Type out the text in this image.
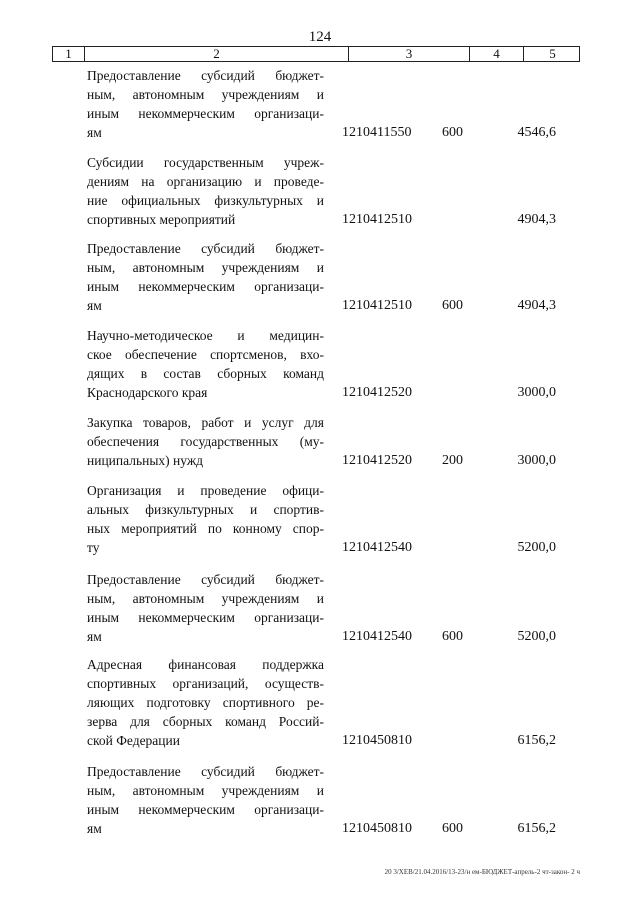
124
1	2	3	4	5
Предоставление субсидий бюджет-
ным, автономным учреждениям и
иным некоммерческим организаци-
ям	1210411550 600	4546,6
Субсидии государственным учреж-
дениям на организацию и проведе-
ние официальных физкультурных и
спортивных мероприятий	1210412510	4904,3
Предоставление субсидий бюджет-
ным, автономным учреждениям и
иным некоммерческим организаци-
ям	1210412510 600	4904,3
Научно-методическое и медицин-
ское обеспечение спортсменов, вхо-
дящих в состав сборных команд
Краснодарского края	1210412520	3000,0
Закупка товаров, работ и услуг для
обеспечения государственных (му-
ниципальных) нужд	1210412520 200	3000,0
Организация и проведение офици-
альных физкультурных и спортив-
ных мероприятий по конному спор-
ту	1210412540	5200,0
Предоставление субсидий бюджет-
ным, автономным учреждениям и
иным некоммерческим организаци-
ям	1210412540 600	5200,0
Адресная финансовая поддержка
спортивных организаций, осуществ-
ляющих подготовку спортивного ре-
зерва для сборных команд Россий-
ской Федерации	1210450810	6156,2
Предоставление субсидий бюджет-
ным, автономным учреждениям и
иным некоммерческим организаци-
ям	1210450810 600	6156,2
20 3/ХЕВ/21.04.2016/13-23/н ем-БЮДЖЕТ-апрель-2 чт-закон- 2 ч
